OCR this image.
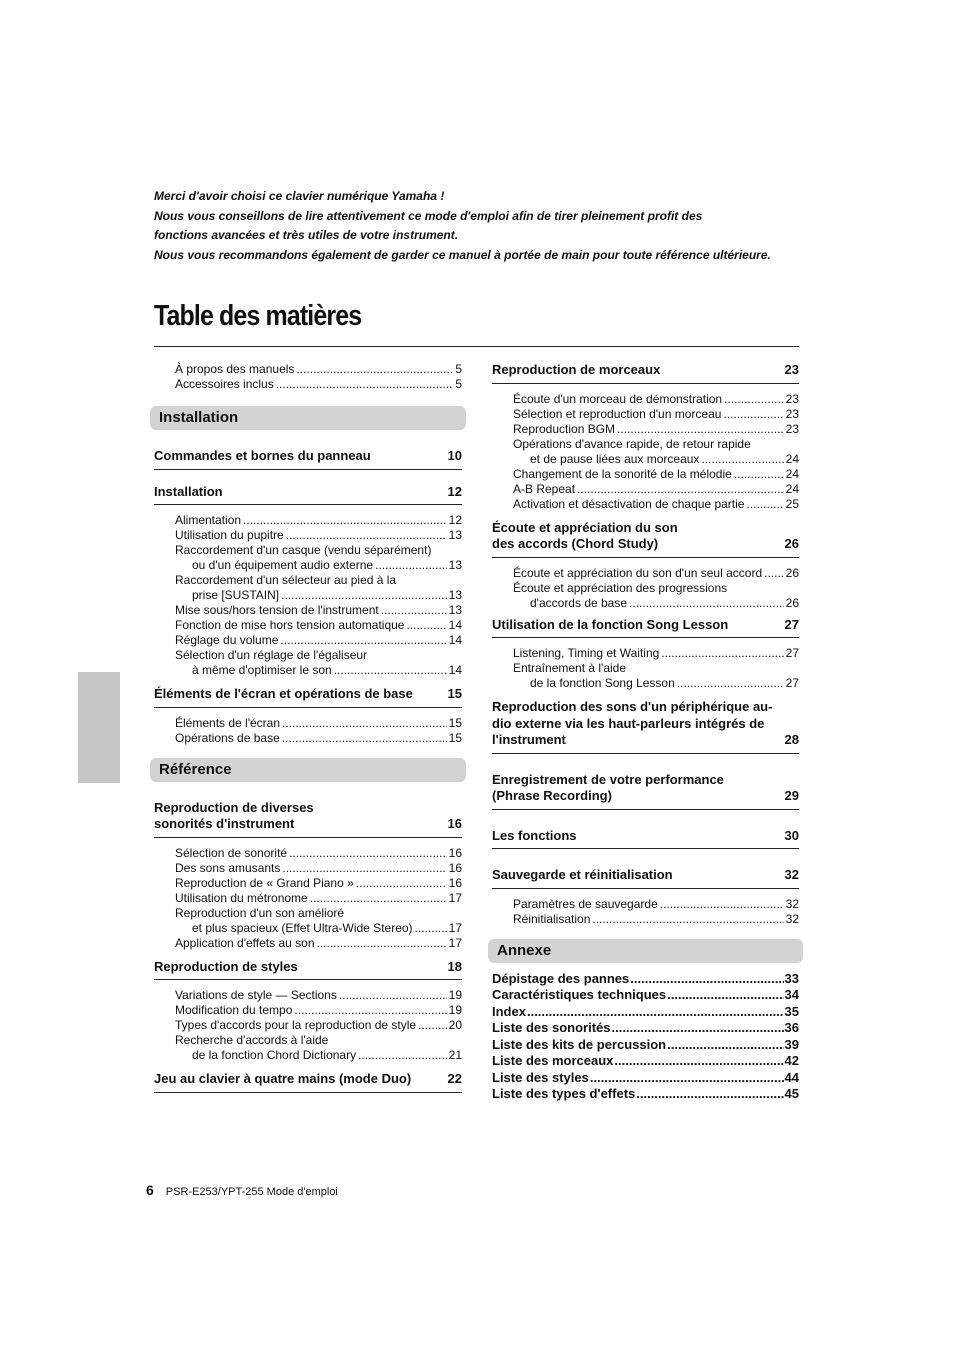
Merci d'avoir choisi ce clavier numérique Yamaha !

Nous vous conseillons de lire attentivement ce mode d'emploi afin de tirer pleinement profit des

fonctions avancées et très utiles de votre instrument.

Nous vous recommandons également de garder ce manuel à portée de main pour toute référence ultérieure.

Table des matières
À propos des manuels .....	5
Accessoires inclus .....	5
Installation
Commandes et bornes du panneau	10
Installation	12
Alimentation .....	12
Utilisation du pupitre .....	13
Raccordement d'un casque (vendu séparément)
ou d'un équipement audio externe .....	13
Raccordement d'un sélecteur au pied à la
prise [SUSTAIN] .....	13
Mise sous/hors tension de l'instrument .....	13
Fonction de mise hors tension automatique .....	14
Réglage du volume .....	14
Sélection d'un réglage de l'égaliseur
à même d'optimiser le son .....	14
Éléments de l'écran et opérations de base	15
Éléments de l'écran .....	15
Opérations de base .....	15
Référence
Reproduction de diverses
sonorités d'instrument	16
Sélection de sonorité .....	16
Des sons amusants .....	16
Reproduction de « Grand Piano » .....	16
Utilisation du métronome .....	17
Reproduction d'un son amélioré
et plus spacieux (Effet Ultra-Wide Stereo) .....	17
Application d'effets au son .....	17
Reproduction de styles	18
Variations de style — Sections .....	19
Modification du tempo .....	19
Types d'accords pour la reproduction de style .....	20
Recherche d'accords à l'aide
de la fonction Chord Dictionary .....	21
Jeu au clavier à quatre mains (mode Duo)	22
Reproduction de morceaux	23
Écoute d'un morceau de démonstration .....	23
Sélection et reproduction d'un morceau .....	23
Reproduction BGM .....	23
Opérations d'avance rapide, de retour rapide
et de pause liées aux morceaux .....	24
Changement de la sonorité de la mélodie .....	24
A-B Repeat .....	24
Activation et désactivation de chaque partie .....	25
Écoute et appréciation du son
des accords (Chord Study)	26
Écoute et appréciation du son d'un seul accord ..... 26
Écoute et appréciation des progressions
d'accords de base .....	26
Utilisation de la fonction Song Lesson	27
Listening, Timing et Waiting .....	27
Entraînement à l'aide
de la fonction Song Lesson .....	27
Reproduction des sons d'un périphérique au-
dio externe via les haut-parleurs intégrés de
l'instrument	28
Enregistrement de votre performance
(Phrase Recording)	29
Les fonctions	30
Sauvegarde et réinitialisation	32
Paramètres de sauvegarde .....	32
Réinitialisation .....	32
Annexe
Dépistage des pannes .....	33
Caractéristiques techniques .....	34
Index .....	35
Liste des sonorités .....	36
Liste des kits de percussion .....	39
Liste des morceaux .....	42
Liste des styles .....	44
Liste des types d'effets .....	45
6 PSR-E253/YPT-255 Mode d'emploi
